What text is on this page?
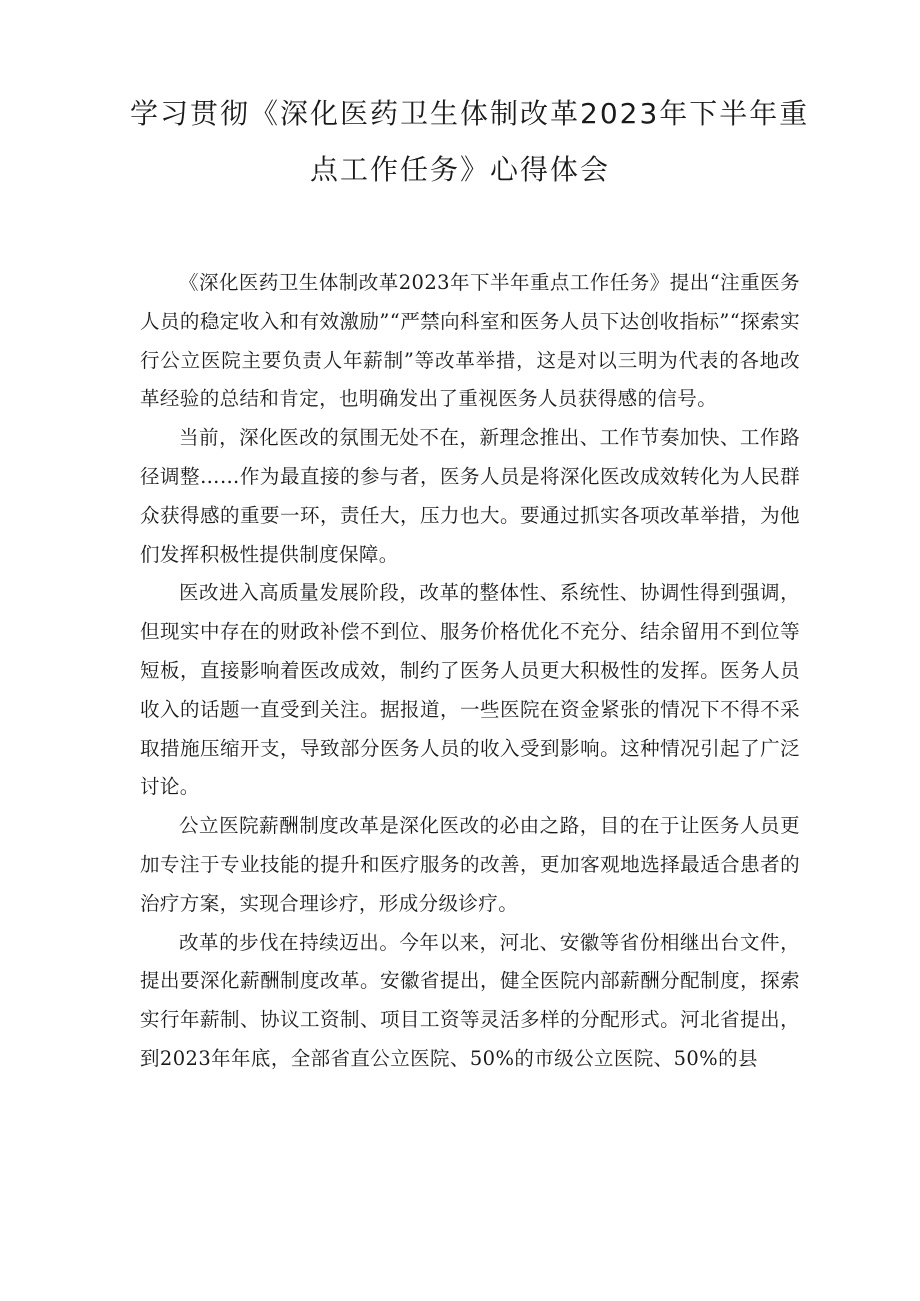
学习贯彻《深化医药卫生体制改革2023年下半年重
点工作任务》心得体会

《深化医药卫生体制改革2023年下半年重点工作任务》提出“注重医务人员的稳定收入和有效激励”“严禁向科室和医务人员下达创收指标”“探索实行公立医院主要负责人年薪制”等改革举措，这是对以三明为代表的各地改革经验的总结和肯定，也明确发出了重视医务人员获得感的信号。

当前，深化医改的氛围无处不在，新理念推出、工作节奏加快、工作路径调整……作为最直接的参与者，医务人员是将深化医改成效转化为人民群众获得感的重要一环，责任大，压力也大。要通过抓实各项改革举措，为他们发挥积极性提供制度保障。

医改进入高质量发展阶段，改革的整体性、系统性、协调性得到强调，但现实中存在的财政补偿不到位、服务价格优化不充分、结余留用不到位等短板，直接影响着医改成效，制约了医务人员更大积极性的发挥。医务人员收入的话题一直受到关注。据报道，一些医院在资金紧张的情况下不得不采取措施压缩开支，导致部分医务人员的收入受到影响。这种情况引起了广泛讨论。

公立医院薪酬制度改革是深化医改的必由之路，目的在于让医务人员更加专注于专业技能的提升和医疗服务的改善，更加客观地选择最适合患者的治疗方案，实现合理诊疗，形成分级诊疗。

改革的步伐在持续迈出。今年以来，河北、安徽等省份相继出台文件，提出要深化薪酬制度改革。安徽省提出，健全医院内部薪酬分配制度，探索实行年薪制、协议工资制、项目工资等灵活多样的分配形式。河北省提出，到2023年年底，全部省直公立医院、50%的市级公立医院、50%的县
